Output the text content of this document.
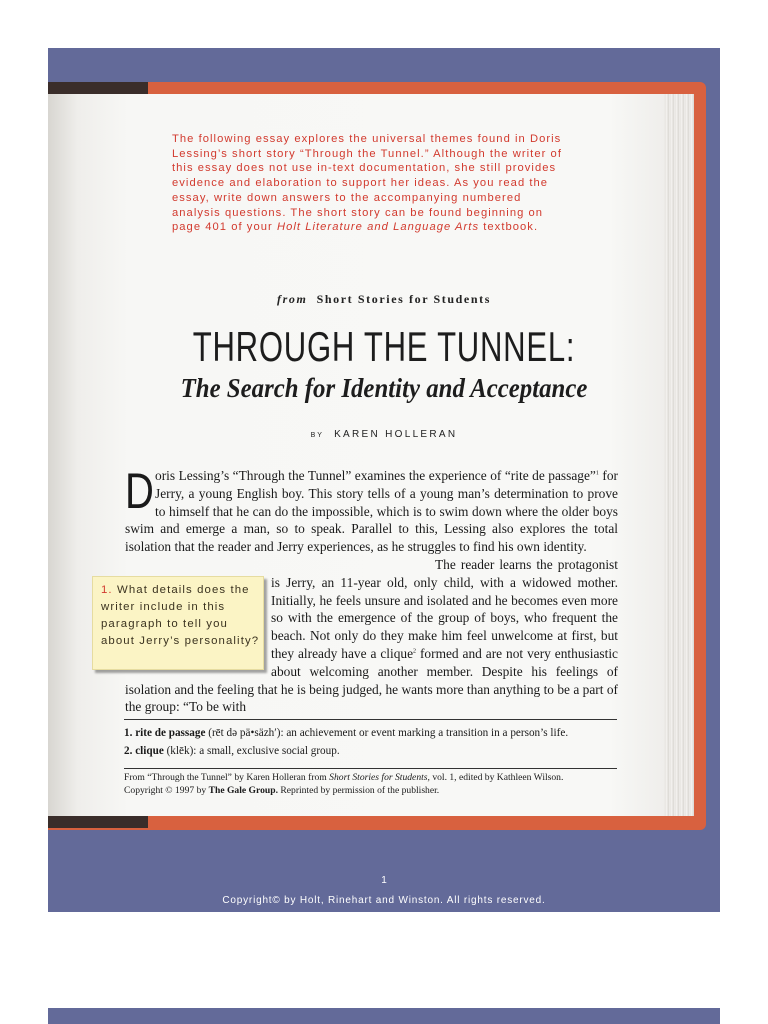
The following essay explores the universal themes found in Doris Lessing’s short story “Through the Tunnel.” Although the writer of this essay does not use in-text documentation, she still provides evidence and elaboration to support her ideas. As you read the essay, write down answers to the accompanying numbered analysis questions. The short story can be found beginning on page 401 of your Holt Literature and Language Arts textbook.
from Short Stories for Students
THROUGH THE TUNNEL:
The Search for Identity and Acceptance
BY KAREN HOLLERAN

Doris Lessing’s “Through the Tunnel” examines the experience of “rite de passage”$^1$ for Jerry, a young English boy. This story tells of a young man’s determination to prove to himself that he can do the impossible, which is to swim down where the older boys swim and emerge a man, so to speak. Parallel to this, Lessing also explores the total isolation that the reader and Jerry experiences, as he struggles to find his own identity.

The reader learns the protagonist is Jerry, an 11-year old, only child, with a widowed mother. Initially, he feels unsure and isolated and he becomes even more so with the emergence of the group of boys, who frequent the beach. Not only do they make him feel unwelcome at first, but they already have a clique$^2$ formed and are not very enthusiastic about welcoming another member. Despite his feelings of isolation and the feeling that he is being judged, he wants more than anything to be a part of the group: “To be with

1. What details does the writer include in this paragraph to tell you about Jerry’s personality?
1. rite de passage (rēt də pä•säzh′): an achievement or event marking a transition in a person’s life.
2. clique (klēk): a small, exclusive social group.
From “Through the Tunnel” by Karen Holleran from Short Stories for Students, vol. 1, edited by Kathleen Wilson.
Copyright © 1997 by The Gale Group. Reprinted by permission of the publisher.
1
Copyright© by Holt, Rinehart and Winston. All rights reserved.
